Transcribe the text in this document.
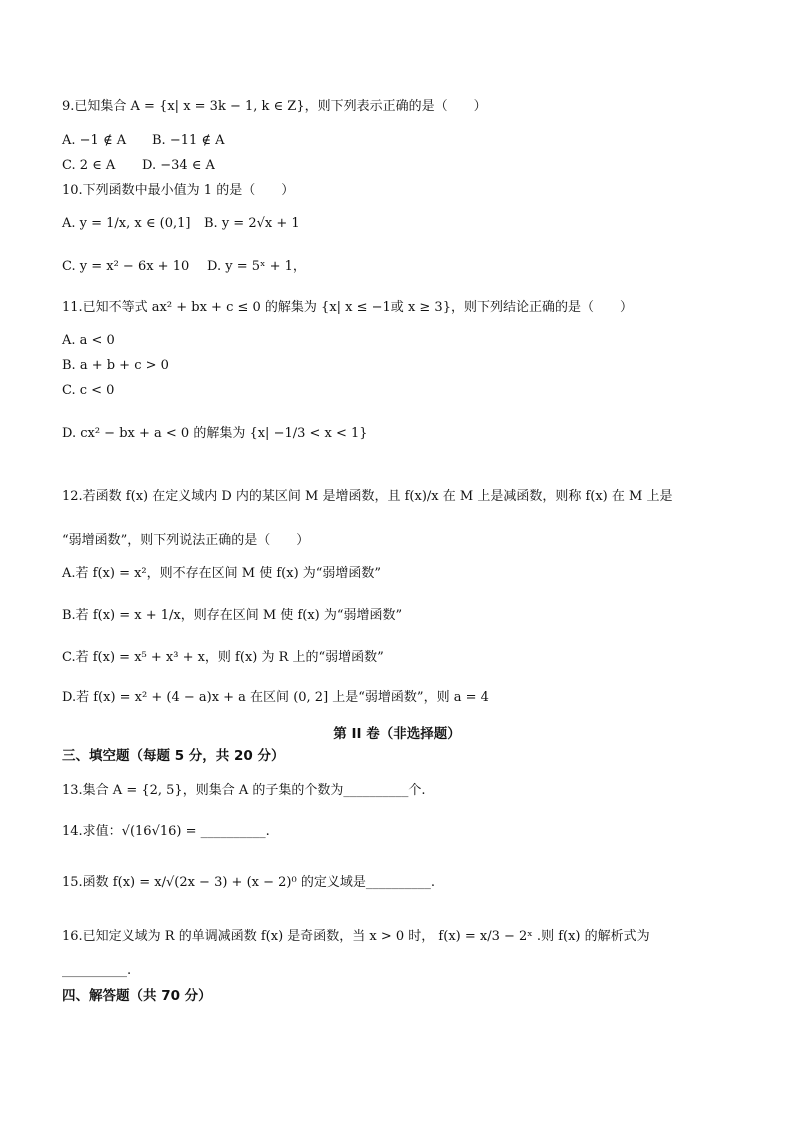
9.已知集合 A = {x| x = 3k − 1, k ∈ Z}，则下列表示正确的是（　　）
A. −1 ∉ A B. −11 ∉ A
C. 2 ∈ A D. −34 ∈ A
10.下列函数中最小值为 1 的是（　　）
A. y = 1/x, x ∈ (0,1] B. y = 2√x + 1
C. y = x² − 6x + 10 D. y = 5ˣ + 1，
11.已知不等式 ax² + bx + c ≤ 0 的解集为 {x| x ≤ −1或 x ≥ 3}，则下列结论正确的是（　　）
A. a < 0
B. a + b + c > 0
C. c < 0
D. cx² − bx + a < 0 的解集为 {x| −1/3 < x < 1}
12.若函数 f(x) 在定义域内 D 内的某区间 M 是增函数，且 f(x)/x 在 M 上是减函数，则称 f(x) 在 M 上是
“弱增函数”，则下列说法正确的是（　　）
A.若 f(x) = x²，则不存在区间 M 使 f(x) 为“弱增函数”
B.若 f(x) = x + 1/x，则存在区间 M 使 f(x) 为“弱增函数”
C.若 f(x) = x⁵ + x³ + x，则 f(x) 为 R 上的“弱增函数”
D.若 f(x) = x² + (4 − a)x + a 在区间 (0, 2] 上是“弱增函数”，则 a = 4
第 II 卷（非选择题）
三、填空题（每题 5 分，共 20 分）
13.集合 A = {2, 5}，则集合 A 的子集的个数为__________个.
14.求值：√(16√16) = __________.
15.函数 f(x) = x/√(2x − 3) + (x − 2)⁰ 的定义域是__________.
16.已知定义域为 R 的单调减函数 f(x) 是奇函数，当 x > 0 时， f(x) = x/3 − 2ˣ .则 f(x) 的解析式为
__________.
四、解答题（共 70 分）
